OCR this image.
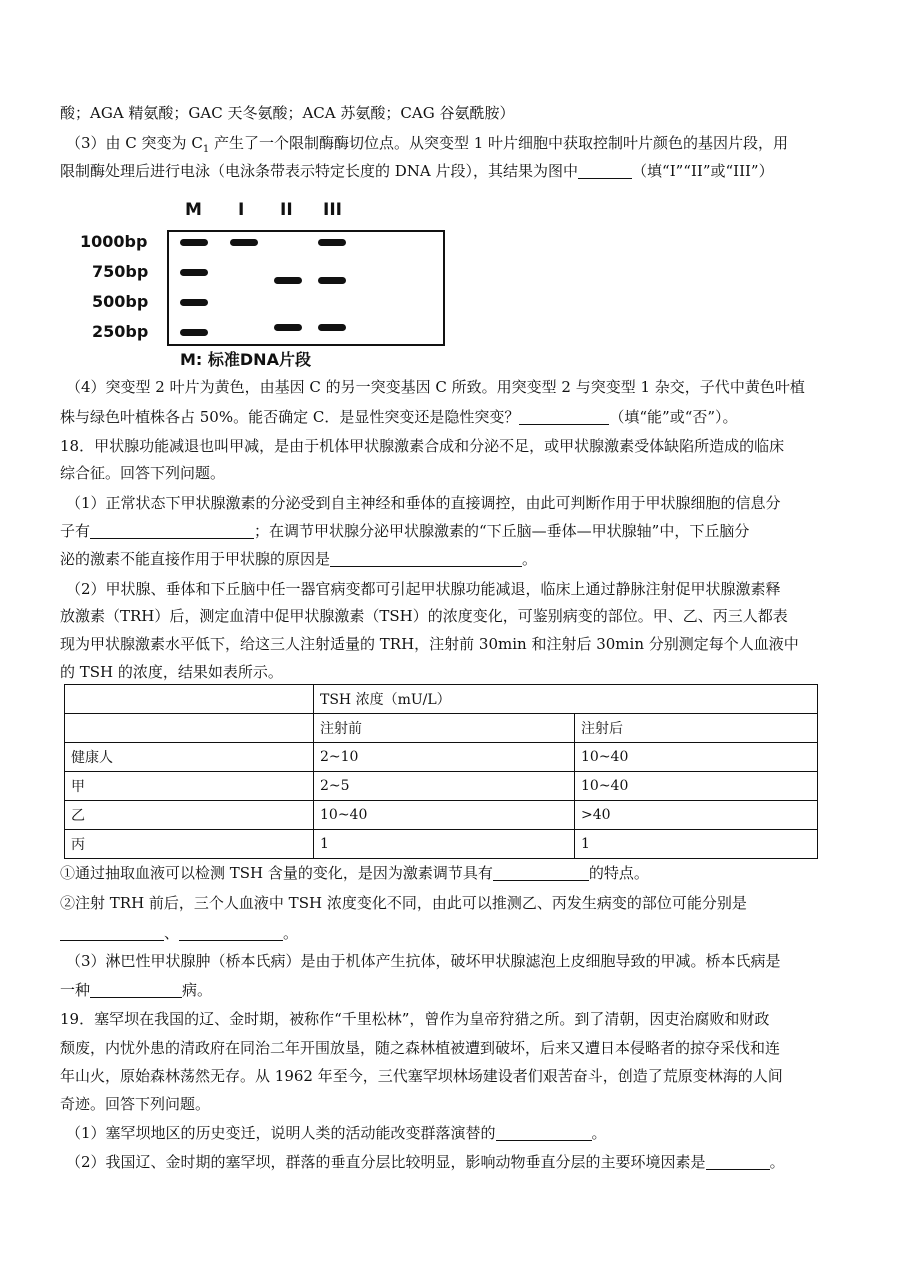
酸；AGA 精氨酸；GAC 天冬氨酸；ACA 苏氨酸；CAG 谷氨酰胺）
（3）由 C 突变为 $C_1$ 产生了一个限制酶酶切位点。从突变型 1 叶片细胞中获取控制叶片颜色的基因片段，用
限制酶处理后进行电泳（电泳条带表示特定长度的 DNA 片段），其结果为图中	（填“I”“II”或“III”）
M I II III
1000bp
750bp
500bp
250bp
M: 标准DNA片段
（4）突变型 2 叶片为黄色，由基因 C 的另一突变基因 C 所致。用突变型 2 与突变型 1 杂交，子代中黄色叶植
株与绿色叶植株各占 50%。能否确定 C．是显性突变还是隐性突变？	（填“能”或“否”）。
18．甲状腺功能减退也叫甲减，是由于机体甲状腺激素合成和分泌不足，或甲状腺激素受体缺陷所造成的临床
综合征。回答下列问题。
（1）正常状态下甲状腺激素的分泌受到自主神经和垂体的直接调控，由此可判断作用于甲状腺细胞的信息分
子有	；在调节甲状腺分泌甲状腺激素的“下丘脑—垂体—甲状腺轴”中，下丘脑分
泌的激素不能直接作用于甲状腺的原因是	。
（2）甲状腺、垂体和下丘脑中任一器官病变都可引起甲状腺功能减退，临床上通过静脉注射促甲状腺激素释
放激素（TRH）后，测定血清中促甲状腺激素（TSH）的浓度变化，可鉴别病变的部位。甲、乙、丙三人都表
现为甲状腺激素水平低下，给这三人注射适量的 TRH，注射前 30min 和注射后 30min 分别测定每个人血液中
的 TSH 的浓度，结果如表所示。
	TSH 浓度（mU/L）	
	注射前	注射后
健康人	2~10	10~40
甲	2~5	10~40
乙	10~40	>40
丙	1	1
①通过抽取血液可以检测 TSH 含量的变化，是因为激素调节具有	的特点。
②注射 TRH 前后，三个人血液中 TSH 浓度变化不同，由此可以推测乙、丙发生病变的部位可能分别是
、	。
（3）淋巴性甲状腺肿（桥本氏病）是由于机体产生抗体，破坏甲状腺滤泡上皮细胞导致的甲减。桥本氏病是
一种	病。
19．塞罕坝在我国的辽、金时期，被称作“千里松林”，曾作为皇帝狩猎之所。到了清朝，因吏治腐败和财政
颓废，内忧外患的清政府在同治二年开围放垦，随之森林植被遭到破坏，后来又遭日本侵略者的掠夺采伐和连
年山火，原始森林荡然无存。从 1962 年至今，三代塞罕坝林场建设者们艰苦奋斗，创造了荒原变林海的人间
奇迹。回答下列问题。
（1）塞罕坝地区的历史变迁，说明人类的活动能改变群落演替的	。
（2）我国辽、金时期的塞罕坝，群落的垂直分层比较明显，影响动物垂直分层的主要环境因素是	。
